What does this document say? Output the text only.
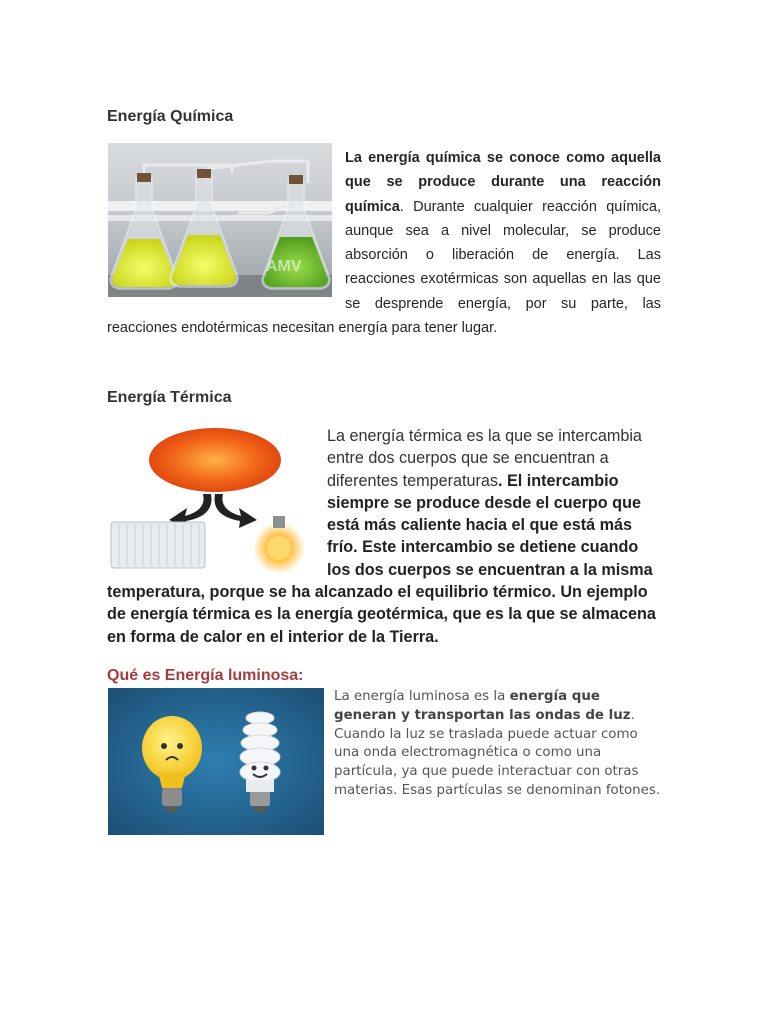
Energía Química
AMV

La energía química se conoce como aquella que se produce durante una reacción química. Durante cualquier reacción química, aunque sea a nivel molecular, se produce absorción o liberación de energía. Las reacciones exotérmicas son aquellas en las que se desprende energía, por su parte, las reacciones endotérmicas necesitan energía para tener lugar.

Energía Térmica

La energía térmica es la que se intercambia entre dos cuerpos que se encuentran a diferentes temperaturas. El intercambio siempre se produce desde el cuerpo que está más caliente hacia el que está más frío. Este intercambio se detiene cuando los dos cuerpos se encuentran a la misma temperatura, porque se ha alcanzado el equilibrio térmico. Un ejemplo de energía térmica es la energía geotérmica, que es la que se almacena en forma de calor en el interior de la Tierra.

Qué es Energía luminosa:

La energía luminosa es la energía que generan y transportan las ondas de luz. Cuando la luz se traslada puede actuar como una onda electromagnética o como una partícula, ya que puede interactuar con otras materias. Esas partículas se denominan fotones.
